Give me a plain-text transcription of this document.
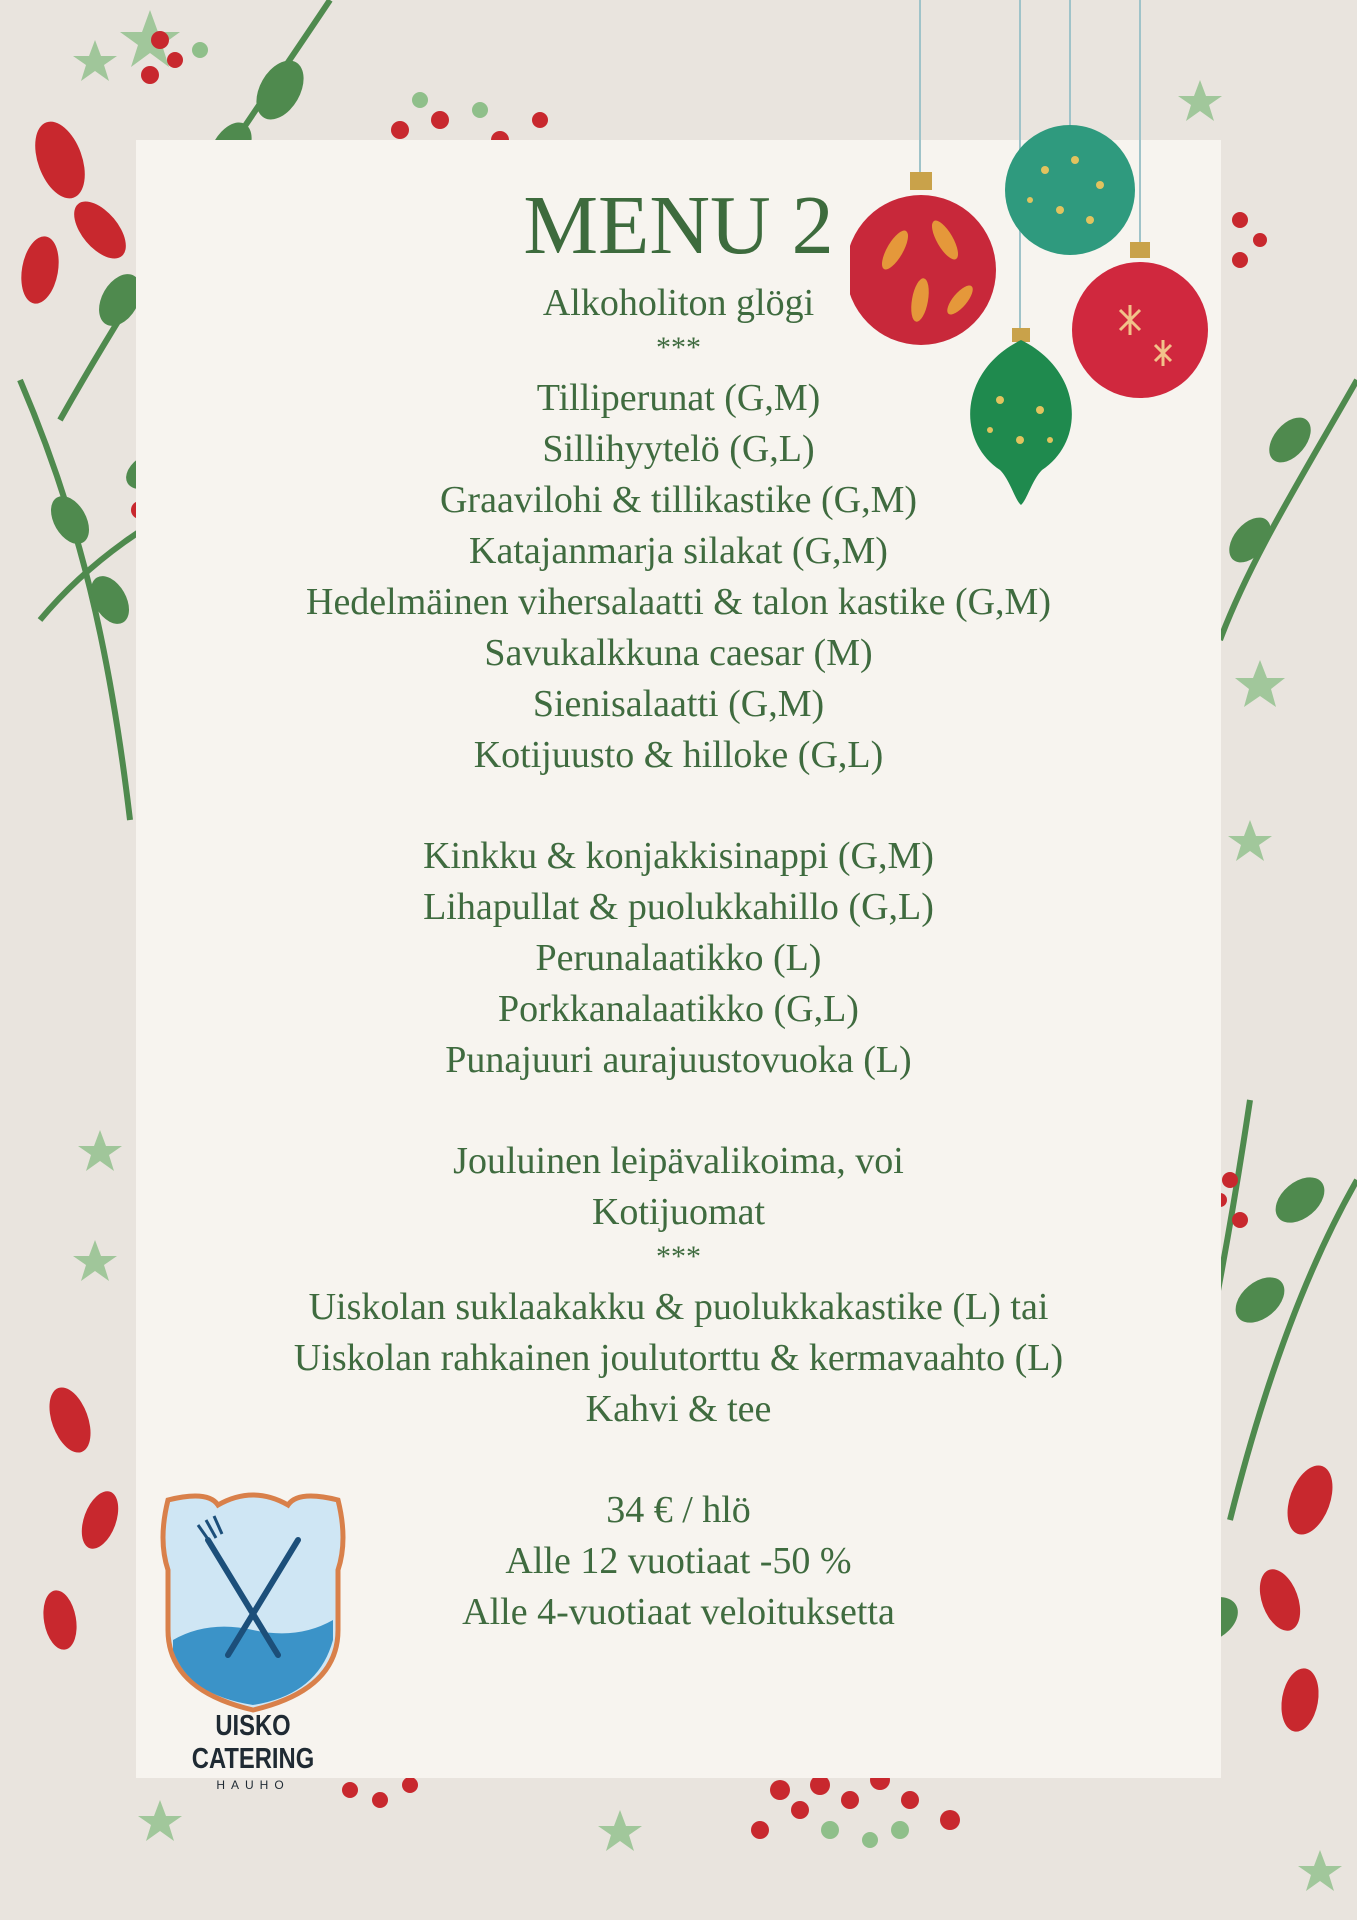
MENU 2
Alkoholiton glögi
***
Tilliperunat (G,M)
Sillihyytelö (G,L)
Graavilohi & tillikastike (G,M)
Katajanmarja silakat (G,M)
Hedelmäinen vihersalaatti & talon kastike (G,M)
Savukalkkuna caesar (M)
Sienisalaatti (G,M)
Kotijuusto & hilloke (G,L)
Kinkku & konjakkisinappi (G,M)
Lihapullat & puolukkahillo (G,L)
Perunalaatikko (L)
Porkkanalaatikko (G,L)
Punajuuri aurajuustovuoka (L)
Jouluinen leipävalikoima, voi
Kotijuomat
***
Uiskolan suklaakakku & puolukkakastike (L) tai
Uiskolan rahkainen joulutorttu & kermavaahto (L)
Kahvi & tee
34 € / hlö
Alle 12 vuotiaat -50 %
Alle 4-vuotiaat veloituksetta
UISKO CATERING
HAUHO
